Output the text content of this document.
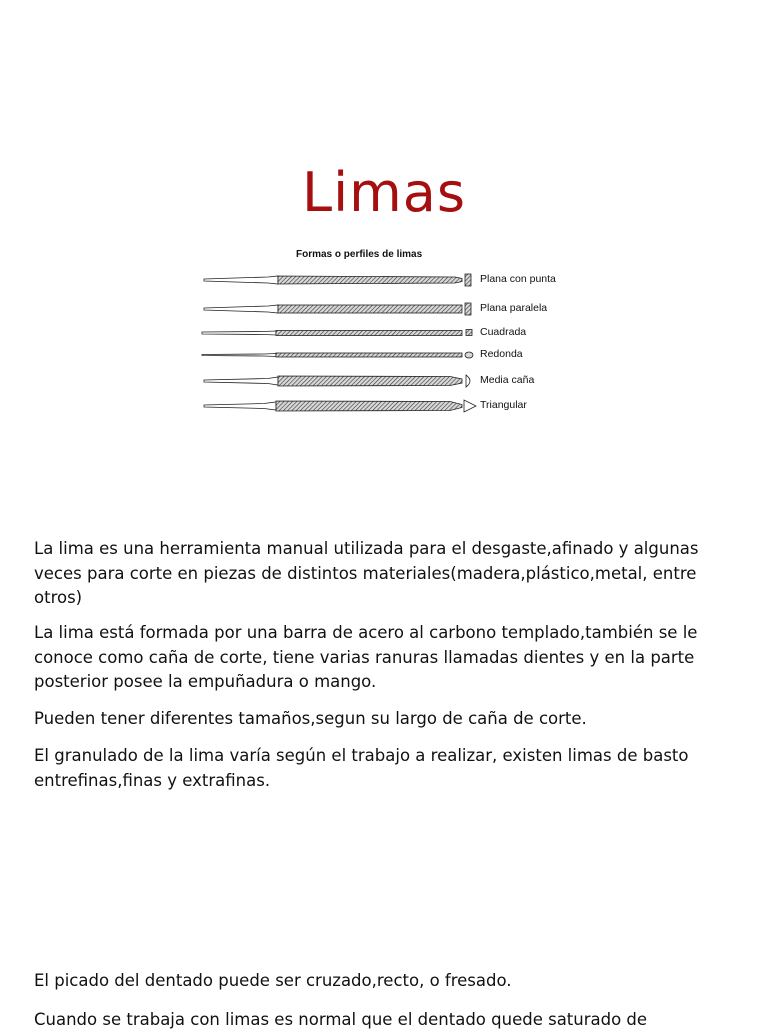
Limas
Formas o perfiles de limas
Plana con punta
Plana paralela
Cuadrada
Redonda
Media caña
Triangular

La lima es una herramienta manual utilizada para el desgaste,afinado y algunas veces para corte en piezas de distintos materiales(madera,plástico,metal, entre otros)

La lima está formada por una barra de acero al carbono templado,también se le conoce como caña de corte, tiene varias ranuras llamadas dientes y en la parte posterior posee la empuñadura o mango.

Pueden tener diferentes tamaños,segun su largo de caña de corte.

El granulado de la lima varía según el trabajo a realizar, existen limas de basto entrefinas,finas y extrafinas.

El picado del dentado puede ser cruzado,recto, o fresado.

Cuando se trabaja con limas es normal que el dentado quede saturado de
